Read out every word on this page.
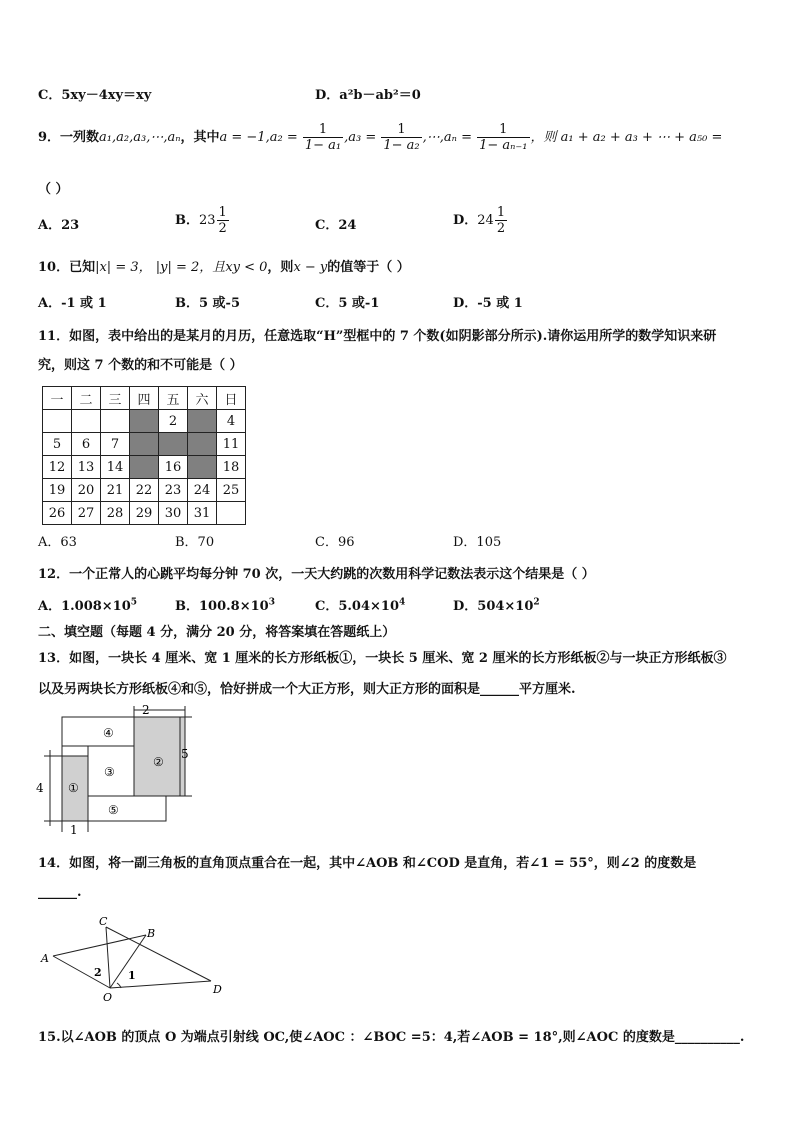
C．5xy－4xy＝xy	D．a²b－ab²＝0
9．一列数a₁,a₂,a₃,⋯,aₙ，其中$a = -1,a_2 = \frac{1}{\text{1− a₁}} ,a_3 = \frac{1}{\text{1− a₂}}$ ,⋯,aₙ = $\frac{1}{\text{1− aₙ₋₁}}$ ，则 a₁ + a₂ + a₃ + ⋯ + a₅₀ =
（ ）
A．23	B．$23 \frac{1}{2}$	C．24	D．$24 \frac{1}{2}$
10．已知|x| = 3， |y| = 2，且xy < 0，则x − y的值等于（ ）
A．-1 或 1	B．5 或-5	C．5 或-1	D．-5 或 1
11．如图，表中给出的是某月的月历，任意选取“H”型框中的 7 个数(如阴影部分所示).请你运用所学的数学知识来研
究，则这 7 个数的和不可能是（ ）
一	二	三	四	五	六	日
				2		4
5	6	7				11
12	13	14		16		18
19	20	21	22	23	24	25
26	27	28	29	30	31	
A．63	B．70	C．96	D．105
12．一个正常人的心跳平均每分钟 70 次，一天大约跳的次数用科学记数法表示这个结果是（ ）
A．$1.008\times 10^5$	B．$100.8\times 10^3$	C．$5.04\times 10^4$	D．$504\times 10^2$
二、填空题（每题 4 分，满分 20 分，将答案填在答题纸上）
13．如图，一块长 4 厘米、宽 1 厘米的长方形纸板①，一块长 5 厘米、宽 2 厘米的长方形纸板②与一块正方形纸板③
以及另两块长方形纸板④和⑤，恰好拼成一个大正方形，则大正方形的面积是______平方厘米.
④
②
③
①
⑤
2
5
4
1
14．如图，将一副三角板的直角顶点重合在一起，其中∠AOB 和∠COD 是直角，若∠1 = 55°，则∠2 的度数是
______.
A
C
B
D
O
1
2
15.以∠AOB 的顶点 O 为端点引射线 OC,使∠AOC ：∠BOC =5：4,若∠AOB = 18°,则∠AOC 的度数是__________.
